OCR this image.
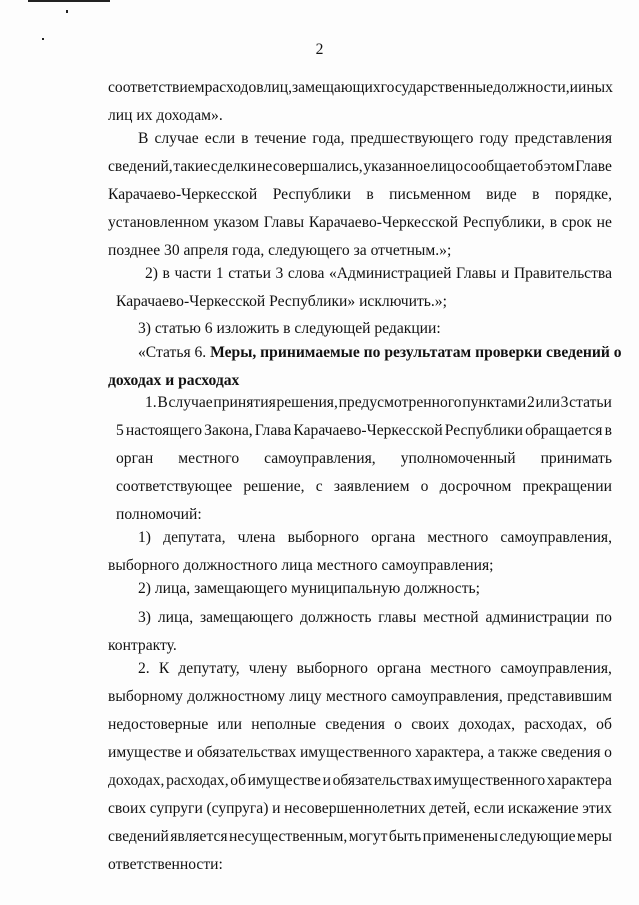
2

соответствием расходов лиц, замещающих государственные должности, и иных
лиц их доходам».
В случае если в течение года, предшествующего году представления
сведений, такие сделки не совершались, указанное лицо сообщает об этом Главе
Карачаево-Черкесской Республики в письменном виде в порядке,
установленном указом Главы Карачаево-Черкесской Республики, в срок не
позднее 30 апреля года, следующего за отчетным.»;
2) в части 1 статьи 3 слова «Администрацией Главы и Правительства
Карачаево-Черкесской Республики» исключить.»;
3) статью 6 изложить в следующей редакции:
«Статья 6. Меры, принимаемые по результатам проверки сведений о
доходах и расходах
1. В случае принятия решения, предусмотренного пунктами 2 или 3 статьи
5 настоящего Закона, Глава Карачаево-Черкесской Республики обращается в
орган местного самоуправления, уполномоченный принимать
соответствующее решение, с заявлением о досрочном прекращении
полномочий:
1) депутата, члена выборного органа местного самоуправления,
выборного должностного лица местного самоуправления;
2) лица, замещающего муниципальную должность;
3) лица, замещающего должность главы местной администрации по
контракту.
2. К депутату, члену выборного органа местного самоуправления,
выборному должностному лицу местного самоуправления, представившим
недостоверные или неполные сведения о своих доходах, расходах, об
имуществе и обязательствах имущественного характера, а также сведения о
доходах, расходах, об имуществе и обязательствах имущественного характера
своих супруги (супруга) и несовершеннолетних детей, если искажение этих
сведений является несущественным, могут быть применены следующие меры
ответственности:
